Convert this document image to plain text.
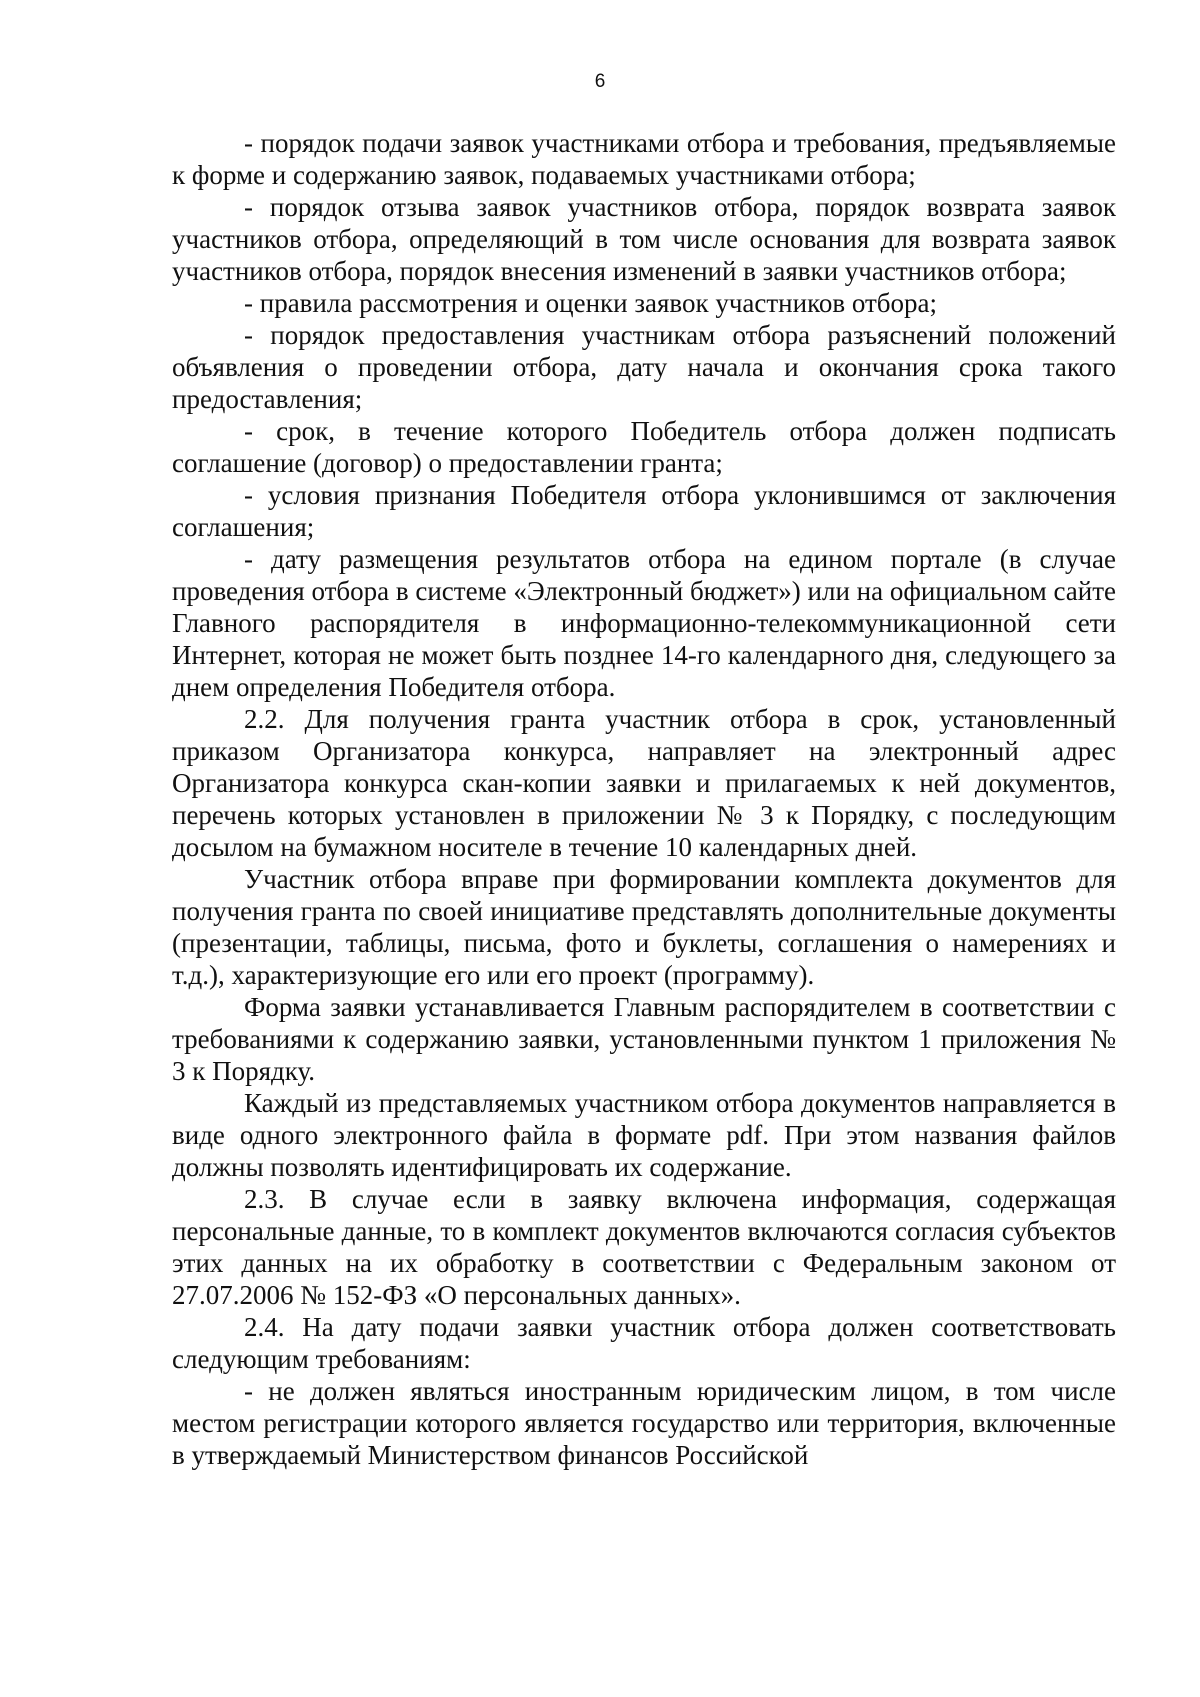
6

- порядок подачи заявок участниками отбора и требования, предъявляемые к форме и содержанию заявок, подаваемых участниками отбора;

- порядок отзыва заявок участников отбора, порядок возврата заявок участников отбора, определяющий в том числе основания для возврата заявок участников отбора, порядок внесения изменений в заявки участников отбора;

- правила рассмотрения и оценки заявок участников отбора;

- порядок предоставления участникам отбора разъяснений положений объявления о проведении отбора, дату начала и окончания срока такого предоставления;

- срок, в течение которого Победитель отбора должен подписать соглашение (договор) о предоставлении гранта;

- условия признания Победителя отбора уклонившимся от заключения соглашения;

- дату размещения результатов отбора на едином портале (в случае проведения отбора в системе «Электронный бюджет») или на официальном сайте Главного распорядителя в информационно-телекоммуникационной сети Интернет, которая не может быть позднее 14-го календарного дня, следующего за днем определения Победителя отбора.

2.2. Для получения гранта участник отбора в срок, установленный приказом Организатора конкурса, направляет на электронный адрес Организатора конкурса скан-копии заявки и прилагаемых к ней документов, перечень которых установлен в приложении № 3 к Порядку, с последующим досылом на бумажном носителе в течение 10 календарных дней.

Участник отбора вправе при формировании комплекта документов для получения гранта по своей инициативе представлять дополнительные документы (презентации, таблицы, письма, фото и буклеты, соглашения о намерениях и т.д.), характеризующие его или его проект (программу).

Форма заявки устанавливается Главным распорядителем в соответствии с требованиями к содержанию заявки, установленными пунктом 1 приложения № 3 к Порядку.

Каждый из представляемых участником отбора документов направляется в виде одного электронного файла в формате pdf. При этом названия файлов должны позволять идентифицировать их содержание.

2.3. В случае если в заявку включена информация, содержащая персональные данные, то в комплект документов включаются согласия субъектов этих данных на их обработку в соответствии с Федеральным законом от 27.07.2006 № 152-ФЗ «О персональных данных».

2.4. На дату подачи заявки участник отбора должен соответствовать следующим требованиям:

- не должен являться иностранным юридическим лицом, в том числе местом регистрации которого является государство или территория, включенные в утверждаемый Министерством финансов Российской
